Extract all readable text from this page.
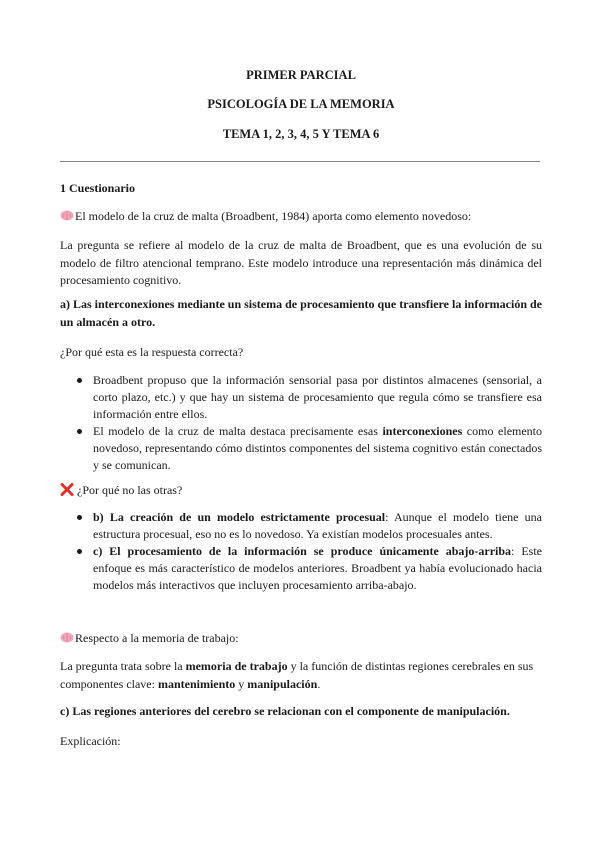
PRIMER PARCIAL
PSICOLOGÍA DE LA MEMORIA
TEMA 1, 2, 3, 4, 5 Y TEMA 6
1 Cuestionario
El modelo de la cruz de malta (Broadbent, 1984) aporta como elemento novedoso:
La pregunta se refiere al modelo de la cruz de malta de Broadbent, que es una evolución de su modelo de filtro atencional temprano. Este modelo introduce una representación más dinámica del procesamiento cognitivo.
a) Las interconexiones mediante un sistema de procesamiento que transfiere la información de un almacén a otro.
¿Por qué esta es la respuesta correcta?
Broadbent propuso que la información sensorial pasa por distintos almacenes (sensorial, a corto plazo, etc.) y que hay un sistema de procesamiento que regula cómo se transfiere esa información entre ellos.
El modelo de la cruz de malta destaca precisamente esas interconexiones como elemento novedoso, representando cómo distintos componentes del sistema cognitivo están conectados y se comunican.
¿Por qué no las otras?
b) La creación de un modelo estrictamente procesual: Aunque el modelo tiene una estructura procesual, eso no es lo novedoso. Ya existían modelos procesuales antes.
c) El procesamiento de la información se produce únicamente abajo-arriba: Este enfoque es más característico de modelos anteriores. Broadbent ya había evolucionado hacia modelos más interactivos que incluyen procesamiento arriba-abajo.
Respecto a la memoria de trabajo:
La pregunta trata sobre la memoria de trabajo y la función de distintas regiones cerebrales en sus componentes clave: mantenimiento y manipulación.
c) Las regiones anteriores del cerebro se relacionan con el componente de manipulación.
Explicación:
